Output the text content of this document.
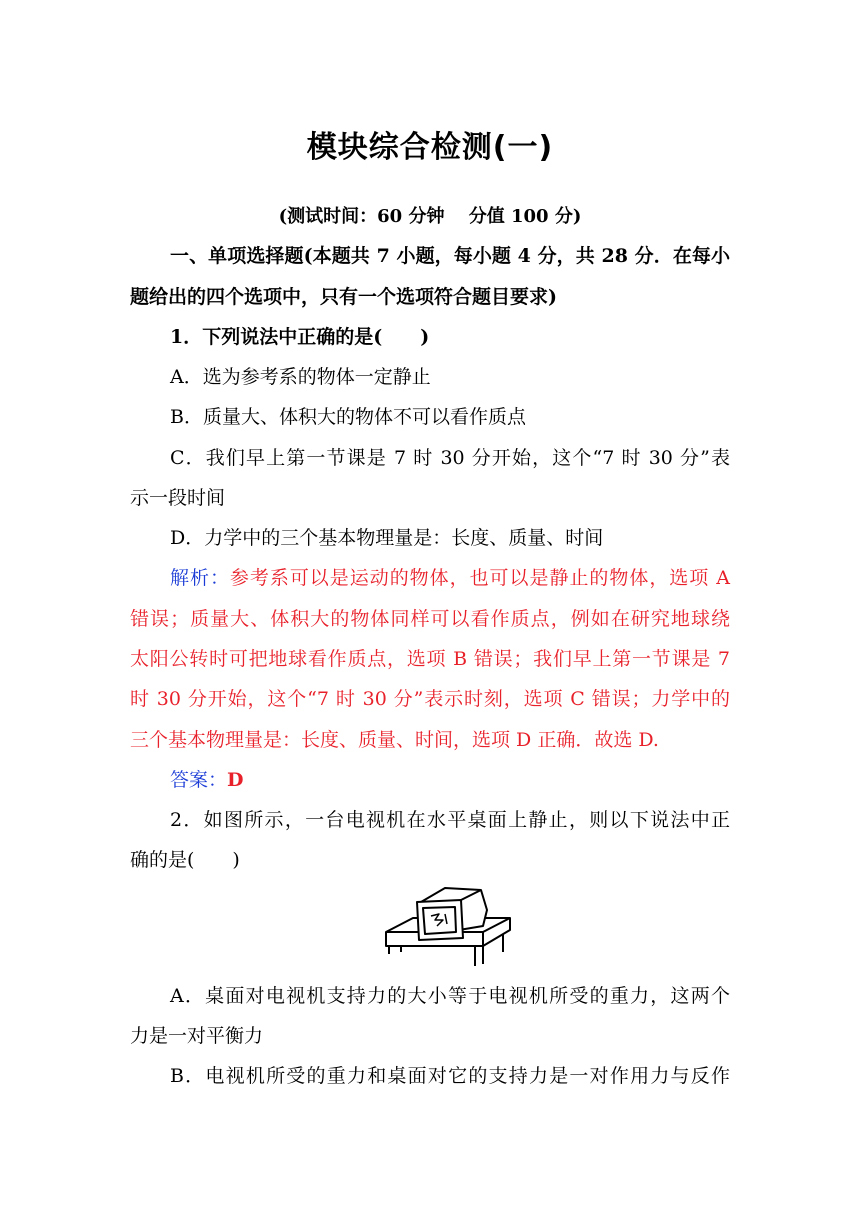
模块综合检测(一)
(测试时间：60 分钟　 分值 100 分)
一、单项选择题(本题共 7 小题，每小题 4 分，共 28 分．在每小
题给出的四个选项中，只有一个选项符合题目要求)
1．下列说法中正确的是(　　)
A．选为参考系的物体一定静止
B．质量大、体积大的物体不可以看作质点
C．我们早上第一节课是 7 时 30 分开始，这个“7 时 30 分”表
示一段时间
D．力学中的三个基本物理量是：长度、质量、时间
解析：参考系可以是运动的物体，也可以是静止的物体，选项 A
错误；质量大、体积大的物体同样可以看作质点，例如在研究地球绕
太阳公转时可把地球看作质点，选项 B 错误；我们早上第一节课是 7
时 30 分开始，这个“7 时 30 分”表示时刻，选项 C 错误；力学中的
三个基本物理量是：长度、质量、时间，选项 D 正确．故选 D.
答案：D
2．如图所示，一台电视机在水平桌面上静止，则以下说法中正
确的是(　　)
A．桌面对电视机支持力的大小等于电视机所受的重力，这两个
力是一对平衡力
B．电视机所受的重力和桌面对它的支持力是一对作用力与反作
